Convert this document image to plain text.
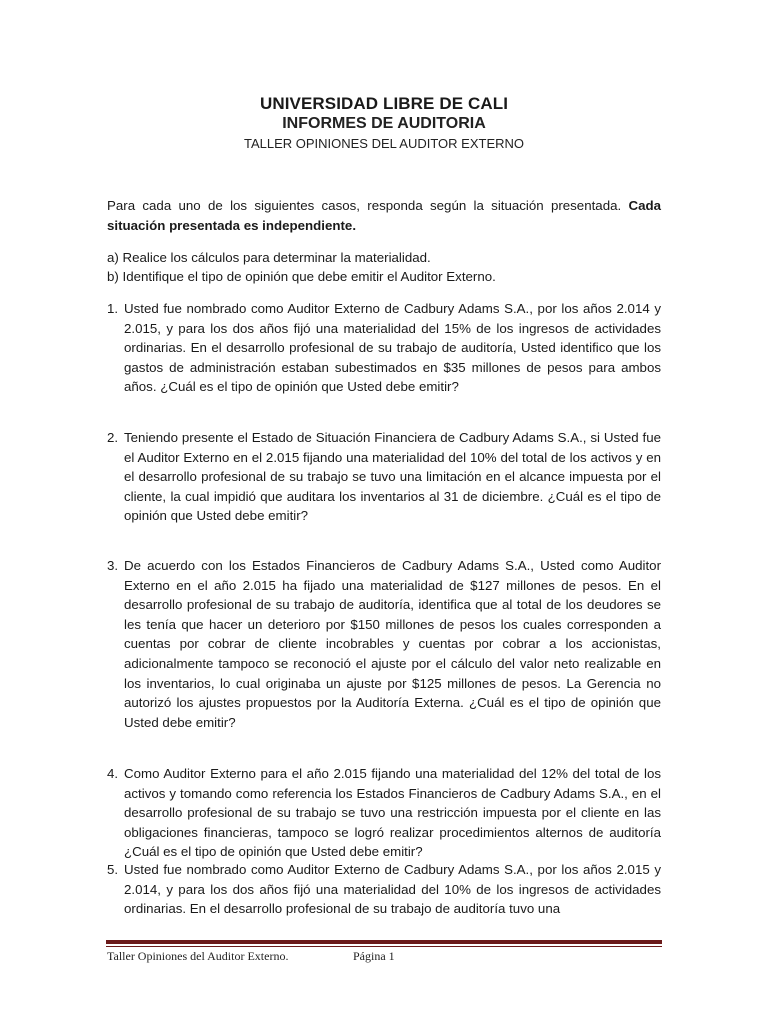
UNIVERSIDAD LIBRE DE CALI
INFORMES DE AUDITORIA
TALLER OPINIONES DEL AUDITOR EXTERNO
Para cada uno de los siguientes casos, responda según la situación presentada. Cada situación presentada es independiente.
a) Realice los cálculos para determinar la materialidad.
b) Identifique el tipo de opinión que debe emitir el Auditor Externo.
1. Usted fue nombrado como Auditor Externo de Cadbury Adams S.A., por los años 2.014 y 2.015, y para los dos años fijó una materialidad del 15% de los ingresos de actividades ordinarias. En el desarrollo profesional de su trabajo de auditoría, Usted identifico que los gastos de administración estaban subestimados en $35 millones de pesos para ambos años. ¿Cuál es el tipo de opinión que Usted debe emitir?
2. Teniendo presente el Estado de Situación Financiera de Cadbury Adams S.A., si Usted fue el Auditor Externo en el 2.015 fijando una materialidad del 10% del total de los activos y en el desarrollo profesional de su trabajo se tuvo una limitación en el alcance impuesta por el cliente, la cual impidió que auditara los inventarios al 31 de diciembre. ¿Cuál es el tipo de opinión que Usted debe emitir?
3. De acuerdo con los Estados Financieros de Cadbury Adams S.A., Usted como Auditor Externo en el año 2.015 ha fijado una materialidad de $127 millones de pesos. En el desarrollo profesional de su trabajo de auditoría, identifica que al total de los deudores se les tenía que hacer un deterioro por $150 millones de pesos los cuales corresponden a cuentas por cobrar de cliente incobrables y cuentas por cobrar a los accionistas, adicionalmente tampoco se reconoció el ajuste por el cálculo del valor neto realizable en los inventarios, lo cual originaba un ajuste por $125 millones de pesos. La Gerencia no autorizó los ajustes propuestos por la Auditoría Externa. ¿Cuál es el tipo de opinión que Usted debe emitir?
4. Como Auditor Externo para el año 2.015 fijando una materialidad del 12% del total de los activos y tomando como referencia los Estados Financieros de Cadbury Adams S.A., en el desarrollo profesional de su trabajo se tuvo una restricción impuesta por el cliente en las obligaciones financieras, tampoco se logró realizar procedimientos alternos de auditoría ¿Cuál es el tipo de opinión que Usted debe emitir?
5. Usted fue nombrado como Auditor Externo de Cadbury Adams S.A., por los años 2.015 y 2.014, y para los dos años fijó una materialidad del 10% de los ingresos de actividades ordinarias. En el desarrollo profesional de su trabajo de auditoría tuvo una
Taller Opiniones del Auditor Externo.	Página 1
